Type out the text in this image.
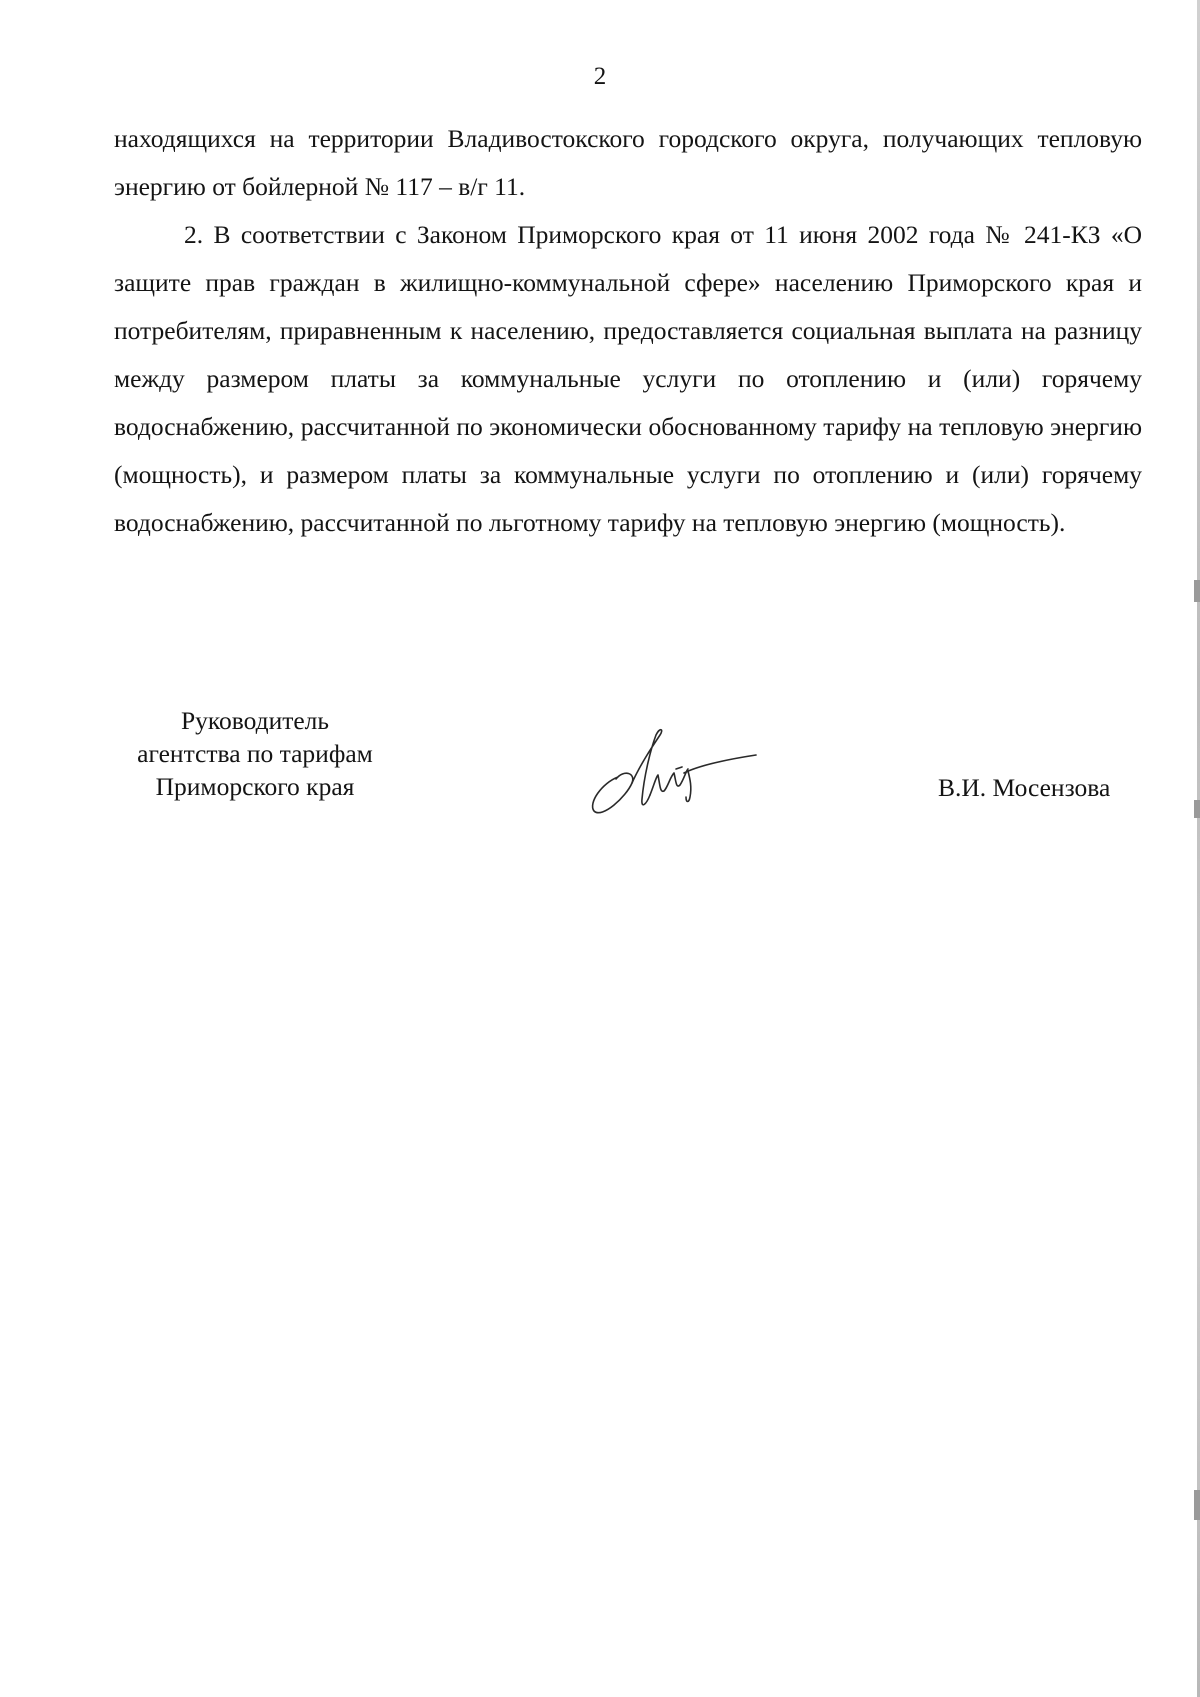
2

находящихся на территории Владивостокского городского округа, получающих тепловую энергию от бойлерной № 117 – в/г 11.

2. В соответствии с Законом Приморского края от 11 июня 2002 года № 241-КЗ «О защите прав граждан в жилищно-коммунальной сфере» населению Приморского края и потребителям, приравненным к населению, предоставляется социальная выплата на разницу между размером платы за коммунальные услуги по отоплению и (или) горячему водоснабжению, рассчитанной по экономически обоснованному тарифу на тепловую энергию (мощность), и размером платы за коммунальные услуги по отоплению и (или) горячему водоснабжению, рассчитанной по льготному тарифу на тепловую энергию (мощность).

Руководитель
агентства по тарифам
Приморского края	В.И. Мосензова
